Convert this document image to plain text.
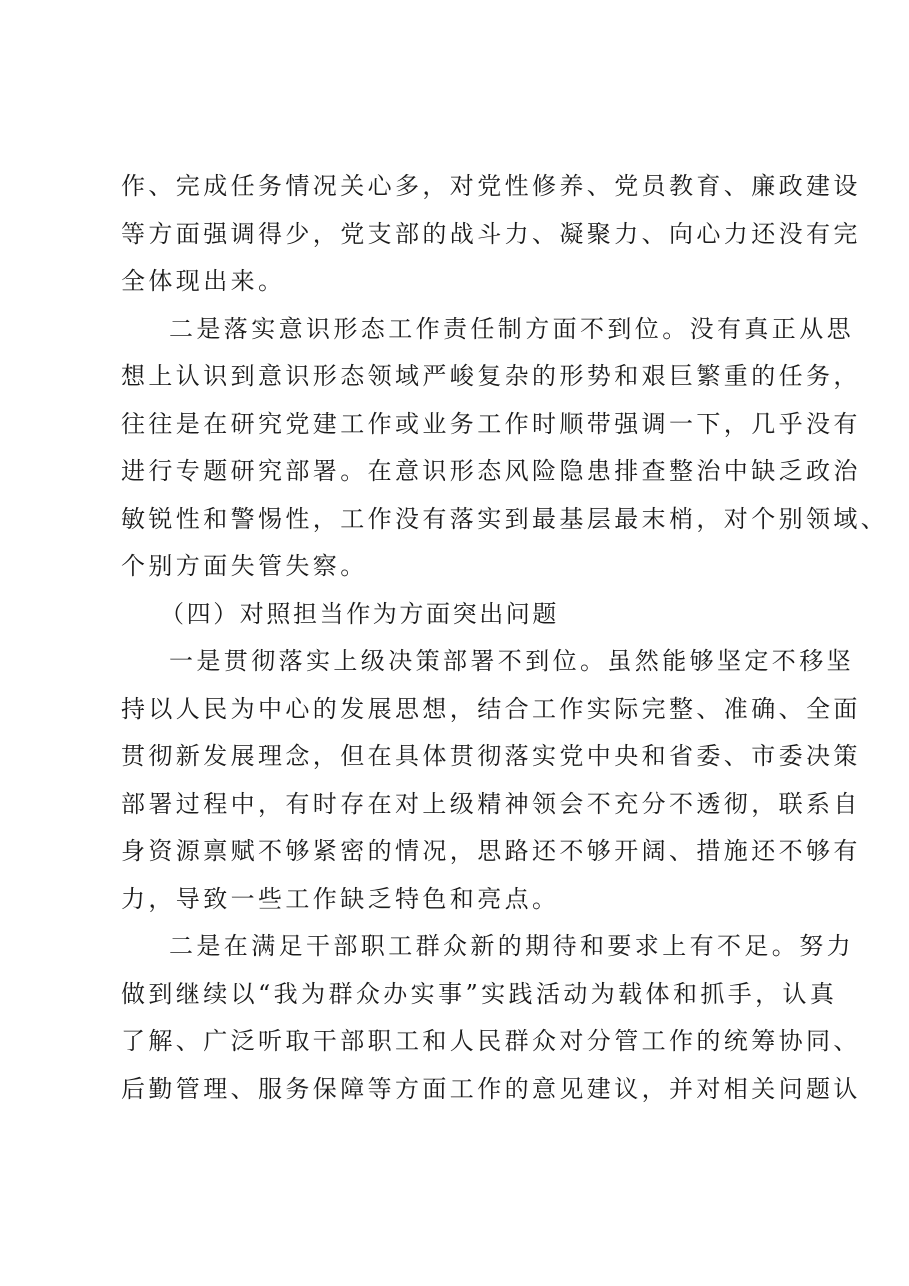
作、完成任务情况关心多，对党性修养、党员教育、廉政建设

等方面强调得少，党支部的战斗力、凝聚力、向心力还没有完

全体现出来。

二是落实意识形态工作责任制方面不到位。没有真正从思

想上认识到意识形态领域严峻复杂的形势和艰巨繁重的任务，

往往是在研究党建工作或业务工作时顺带强调一下，几乎没有

进行专题研究部署。在意识形态风险隐患排查整治中缺乏政治

敏锐性和警惕性，工作没有落实到最基层最末梢，对个别领域、

个别方面失管失察。

（四）对照担当作为方面突出问题

一是贯彻落实上级决策部署不到位。虽然能够坚定不移坚

持以人民为中心的发展思想，结合工作实际完整、准确、全面

贯彻新发展理念，但在具体贯彻落实党中央和省委、市委决策

部署过程中，有时存在对上级精神领会不充分不透彻，联系自

身资源禀赋不够紧密的情况，思路还不够开阔、措施还不够有

力，导致一些工作缺乏特色和亮点。

二是在满足干部职工群众新的期待和要求上有不足。努力

做到继续以“我为群众办实事”实践活动为载体和抓手，认真

了解、广泛听取干部职工和人民群众对分管工作的统筹协同、

后勤管理、服务保障等方面工作的意见建议，并对相关问题认
